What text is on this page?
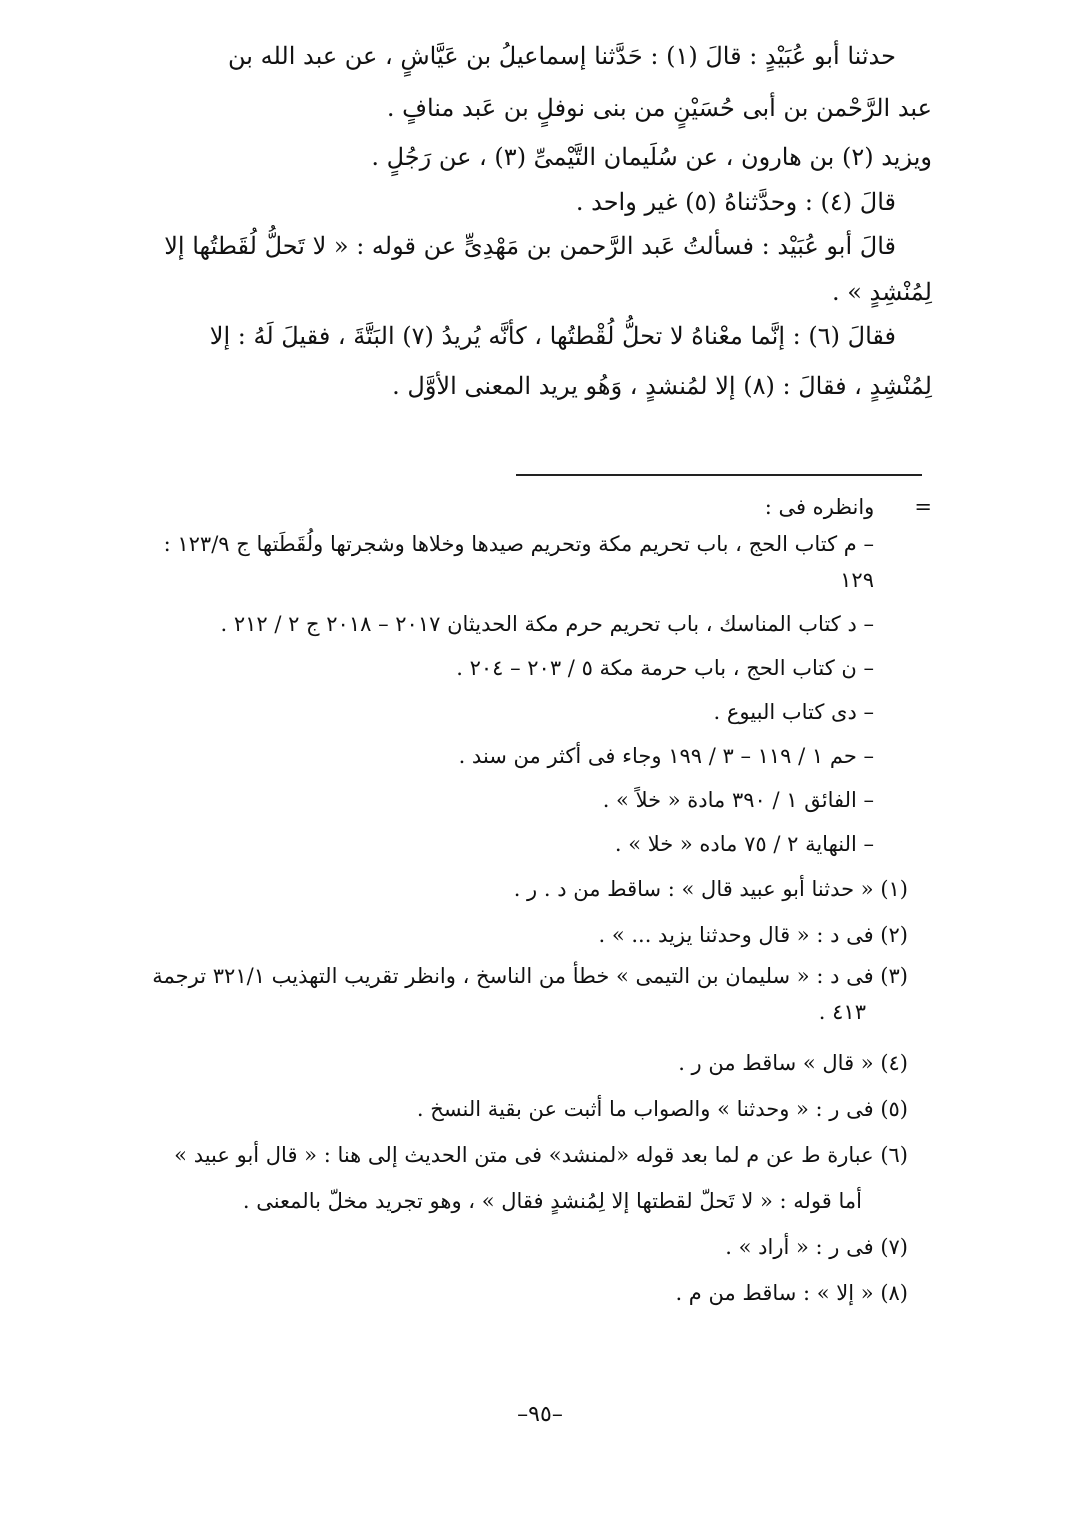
حدثنا أبو عُبَيْدٍ : قالَ (١) : حَدَّثنا إسماعيلُ بن عَيَّاشٍ ، عن عبد الله بن

عبد الرَّحْمن بن أبى حُسَيْنٍ من بنى نوفلٍ بن عَبد منافٍ .

ويزيد (٢) بن هارون ، عن سُلَيمان التَّيْمىِّ (٣) ، عن رَجُلٍ .

قالَ (٤) : وحدَّثناهُ (٥) غير واحد .

قالَ أبو عُبَيْد : فسألتُ عَبد الرَّحمن بن مَهْدِىٍّ عن قوله : « لا تَحلُّ لُقَطتُها إلا

لِمُنْشِدٍ » .

فقالَ (٦) : إنَّما معْناهُ لا تحلُّ لُقْطتُها ، كأنَّه يُريدُ (٧) البَتَّةَ ، فقيلَ لَهُ : إلا

لِمُنْشِدٍ ، فقالَ : (٨) إلا لمُنشدٍ ، وَهُو يريد المعنى الأوَّل .

=      وانظره فى :

– م كتاب الحج ، باب تحريم مكة وتحريم صيدها وخلاها وشجرتها ولُقَطَتها ج ١٢٣/٩ :

١٢٩

– د كتاب المناسك ، باب تحريم حرم مكة الحديثان ٢٠١٧ – ٢٠١٨ ج ٢ / ٢١٢ .

– ن كتاب الحج ، باب حرمة مكة ٥ / ٢٠٣ – ٢٠٤ .

– دى كتاب البيوع .

– حم ١ / ١١٩ – ٣ / ١٩٩ وجاء فى أكثر من سند .

– الفائق ١ / ٣٩٠ مادة « خلاً » .

– النهاية ٢ / ٧٥ ماده « خلا » .

(١) « حدثنا أبو عبيد قال » : ساقط من د . ر .

(٢) فى د : « قال وحدثنا يزيد ... » .

(٣) فى د : « سليمان بن التيمى » خطأ من الناسخ ، وانظر تقريب التهذيب ٣٢١/١ ترجمة

٤١٣ .

(٤) « قال » ساقط من ر .

(٥) فى ر : « وحدثنا » والصواب ما أثبت عن بقية النسخ .

(٦) عبارة ط عن م لما بعد قوله «لمنشد» فى متن الحديث إلى هنا : « قال أبو عبيد »

أما قوله : « لا تَحلّ لقطتها إلا لِمُنشدٍ فقال » ، وهو تجريد مخلّ بالمعنى .

(٧) فى ر : « أراد » .

(٨) « إلا » : ساقط من م .

–٩٥–
